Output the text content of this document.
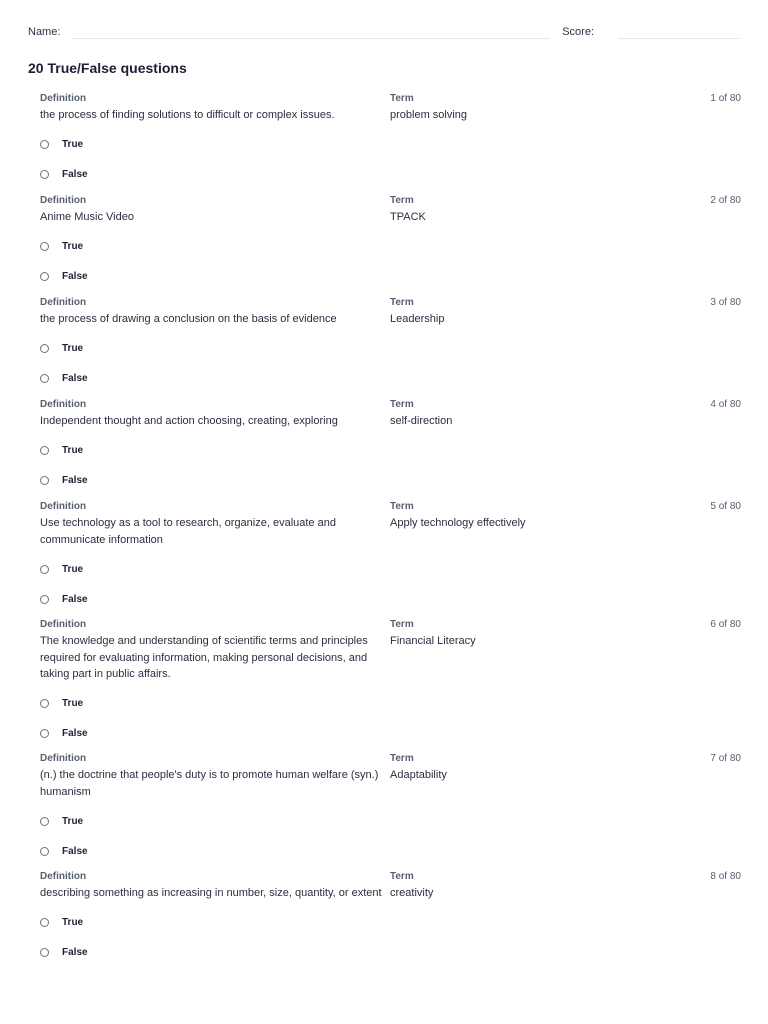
Name:	Score:
20 True/False questions
Definition
the process of finding solutions to difficult or complex issues.
Term
problem solving
1 of 80
True
False
Definition
Anime Music Video
Term
TPACK
2 of 80
True
False
Definition
the process of drawing a conclusion on the basis of evidence
Term
Leadership
3 of 80
True
False
Definition
Independent thought and action choosing, creating, exploring
Term
self-direction
4 of 80
True
False
Definition
Use technology as a tool to research, organize, evaluate and communicate information
Term
Apply technology effectively
5 of 80
True
False
Definition
The knowledge and understanding of scientific terms and principles required for evaluating information, making personal decisions, and taking part in public affairs.
Term
Financial Literacy
6 of 80
True
False
Definition
(n.) the doctrine that people's duty is to promote human welfare (syn.) humanism
Term
Adaptability
7 of 80
True
False
Definition
describing something as increasing in number, size, quantity, or extent
Term
creativity
8 of 80
True
False
